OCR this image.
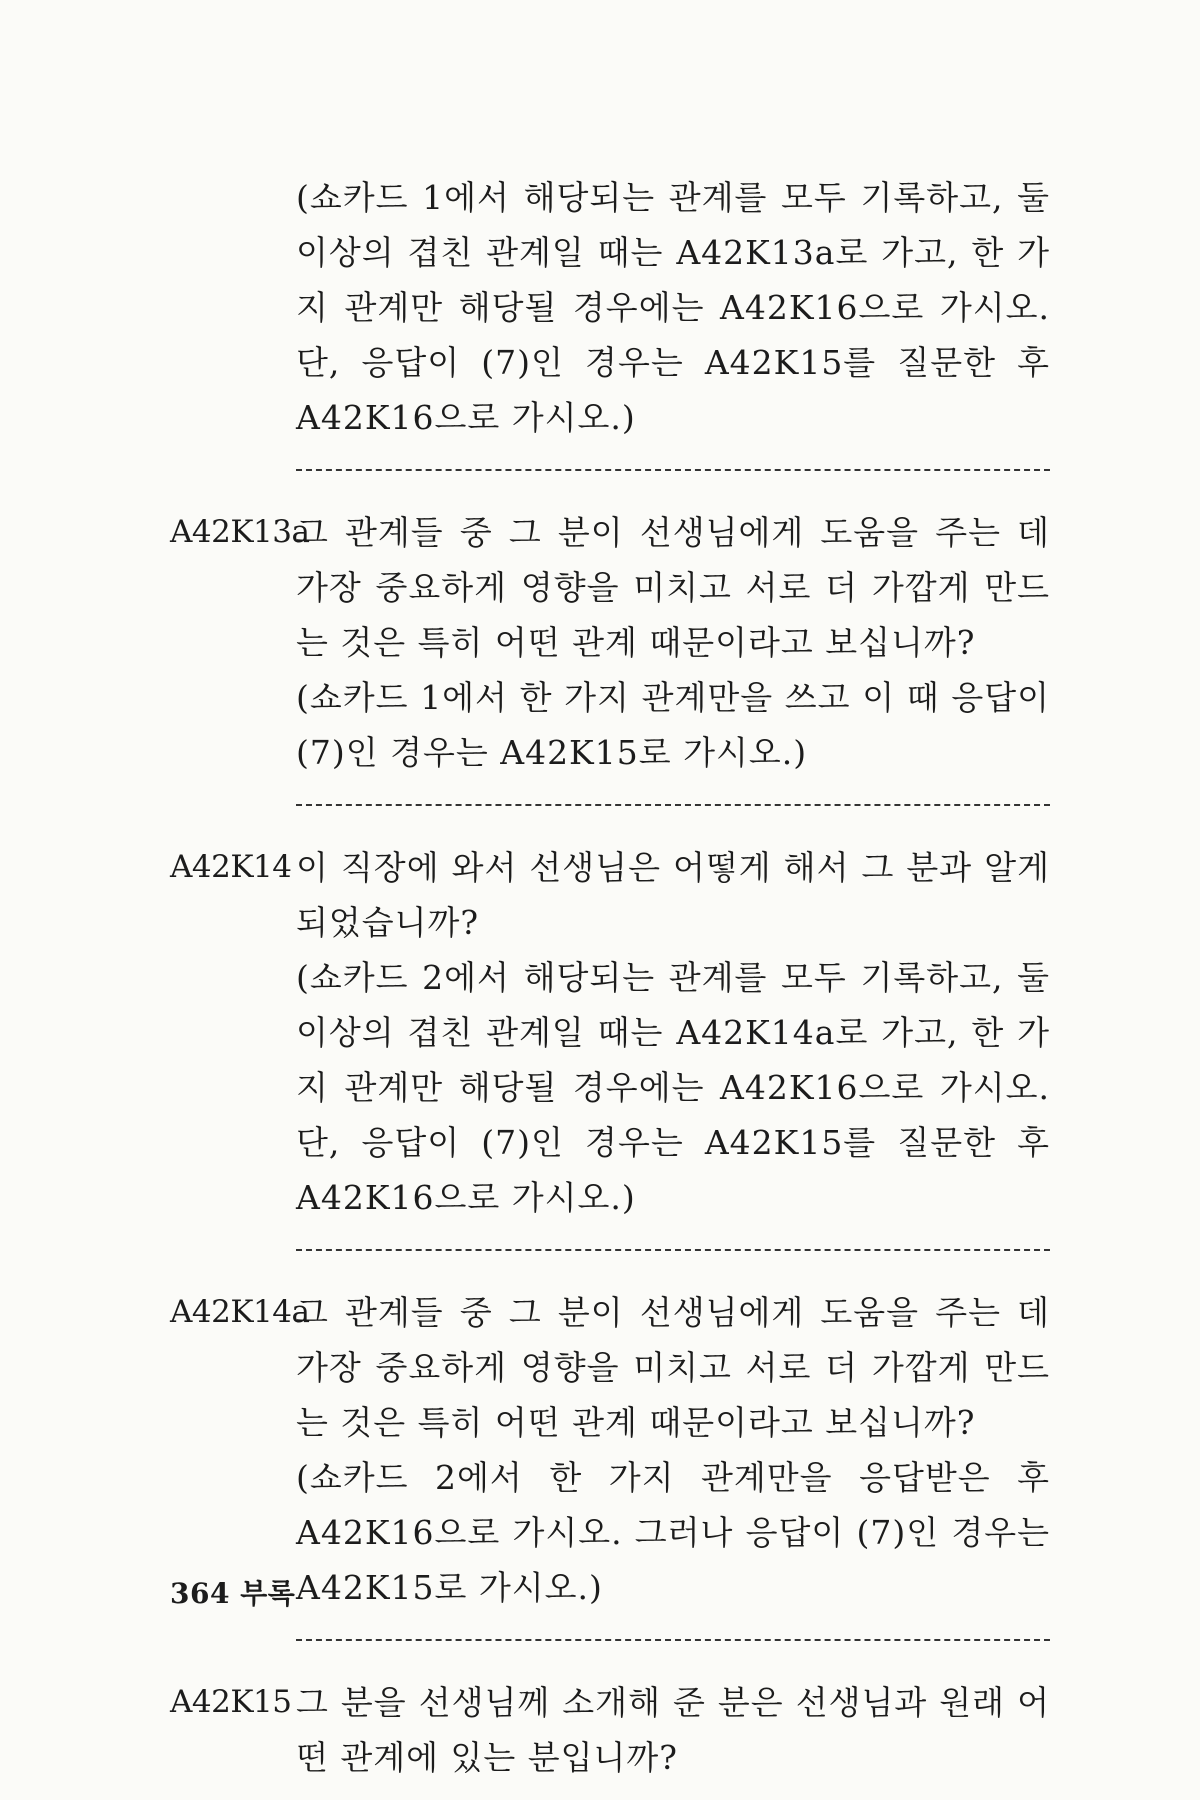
(쇼카드 1에서 해당되는 관계를 모두 기록하고, 둘 이상의 겹친 관계일 때는 A42K13a로 가고, 한 가지 관계만 해당될 경우에는 A42K16으로 가시오. 단, 응답이 (7)인 경우는 A42K15를 질문한 후 A42K16으로 가시오.)
A42K13a
그 관계들 중 그 분이 선생님에게 도움을 주는 데 가장 중요하게 영향을 미치고 서로 더 가깝게 만드는 것은 특히 어떤 관계 때문이라고 보십니까?
(쇼카드 1에서 한 가지 관계만을 쓰고 이 때 응답이 (7)인 경우는 A42K15로 가시오.)
A42K14 이 직장에 와서 선생님은 어떻게 해서 그 분과 알게 되었습니까?
(쇼카드 2에서 해당되는 관계를 모두 기록하고, 둘 이상의 겹친 관계일 때는 A42K14a로 가고, 한 가지 관계만 해당될 경우에는 A42K16으로 가시오. 단, 응답이 (7)인 경우는 A42K15를 질문한 후 A42K16으로 가시오.)
A42K14a
그 관계들 중 그 분이 선생님에게 도움을 주는 데 가장 중요하게 영향을 미치고 서로 더 가깝게 만드는 것은 특히 어떤 관계 때문이라고 보십니까?
(쇼카드 2에서 한 가지 관계만을 응답받은 후 A42K16으로 가시오. 그러나 응답이 (7)인 경우는 A42K15로 가시오.)
A42K15 그 분을 선생님께 소개해 준 분은 선생님과 원래 어떤 관계에 있는 분입니까?
364 부록
